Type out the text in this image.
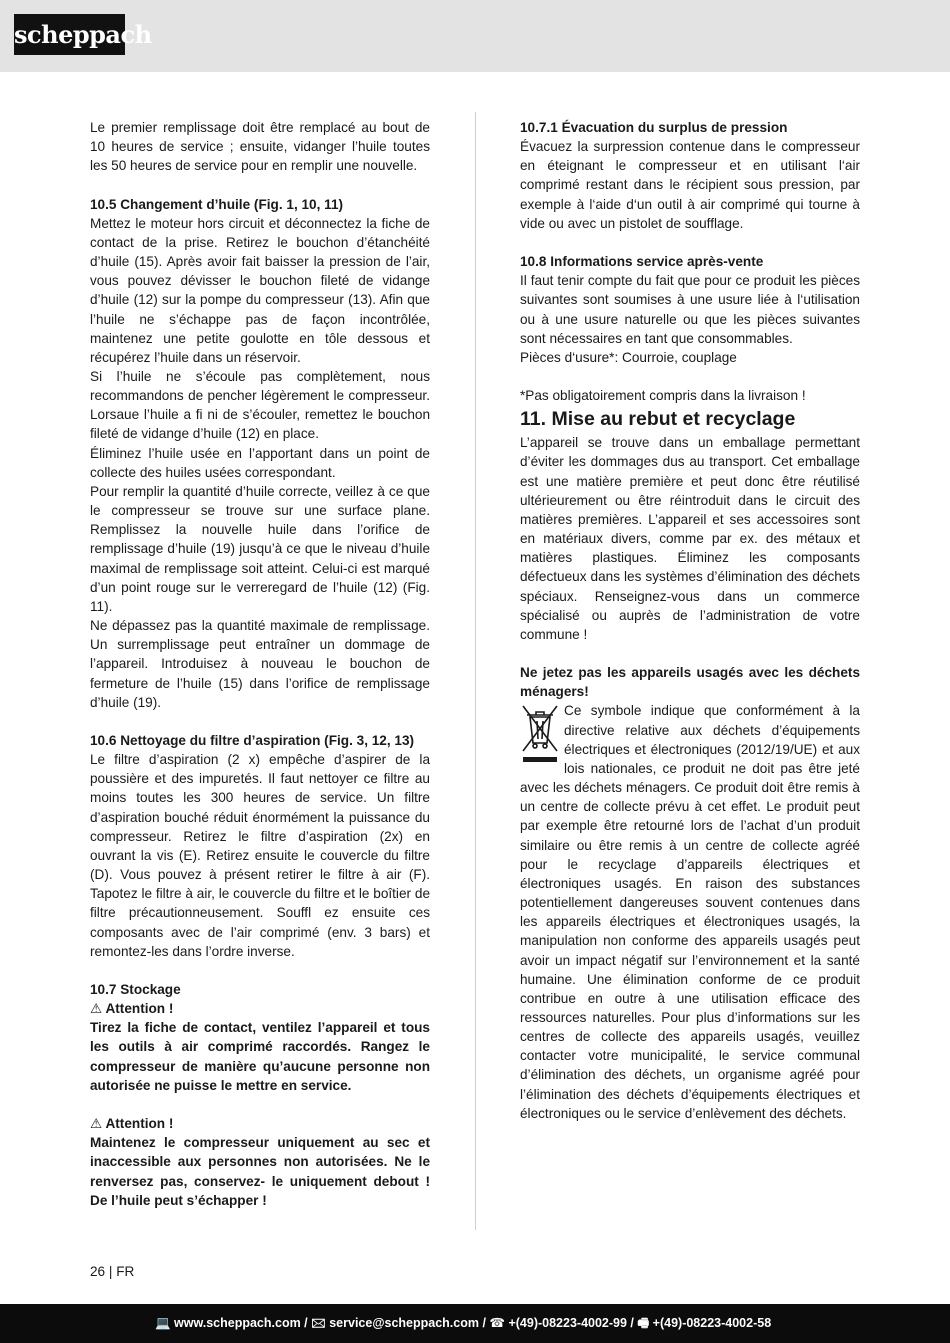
scheppach

Le premier remplissage doit être remplacé au bout de 10 heures de service ; ensuite, vidanger l’huile toutes les 50 heures de service pour en remplir une nouvelle.

10.5 Changement d’huile (Fig. 1, 10, 11)

Mettez le moteur hors circuit et déconnectez la fiche de contact de la prise. Retirez le bouchon d’étanchéité d’huile (15). Après avoir fait baisser la pression de l’air, vous pouvez dévisser le bouchon fileté de vidange d’huile (12) sur la pompe du compresseur (13). Afin que l’huile ne s’échappe pas de façon incontrôlée, maintenez une petite goulotte en tôle dessous et récupérez l’huile dans un réservoir.

Si l’huile ne s’écoule pas complètement, nous recommandons de pencher légèrement le compresseur. Lorsaue l’huile a fi ni de s’écouler, remettez le bouchon fileté de vidange d’huile (12) en place.

Éliminez l’huile usée en l’apportant dans un point de collecte des huiles usées correspondant.

Pour remplir la quantité d’huile correcte, veillez à ce que le compresseur se trouve sur une surface plane. Remplissez la nouvelle huile dans l’orifice de remplissage d’huile (19) jusqu’à ce que le niveau d’huile maximal de remplissage soit atteint. Celui-ci est marqué d’un point rouge sur le verreregard de l’huile (12) (Fig. 11).

Ne dépassez pas la quantité maximale de remplissage. Un surremplissage peut entraîner un dommage de l’appareil. Introduisez à nouveau le bouchon de fermeture de l’huile (15) dans l’orifice de remplissage d’huile (19).

10.6 Nettoyage du filtre d’aspiration (Fig. 3, 12, 13)

Le filtre d’aspiration (2 x) empêche d’aspirer de la poussière et des impuretés. Il faut nettoyer ce filtre au moins toutes les 300 heures de service. Un filtre d’aspiration bouché réduit énormément la puissance du compresseur. Retirez le filtre d’aspiration (2x) en ouvrant la vis (E). Retirez ensuite le couvercle du filtre (D). Vous pouvez à présent retirer le filtre à air (F). Tapotez le filtre à air, le couvercle du filtre et le boîtier de filtre précautionneusement. Souffl ez ensuite ces composants avec de l’air comprimé (env. 3 bars) et remontez-les dans l’ordre inverse.

10.7 Stockage

⚠ Attention !

Tirez la fiche de contact, ventilez l’appareil et tous les outils à air comprimé raccordés. Rangez le compresseur de manière qu’aucune personne non autorisée ne puisse le mettre en service.

⚠ Attention !

Maintenez le compresseur uniquement au sec et inaccessible aux personnes non autorisées. Ne le renversez pas, conservez- le uniquement debout ! De l’huile peut s’échapper !

10.7.1 Évacuation du surplus de pression

Évacuez la surpression contenue dans le compresseur en éteignant le compresseur et en utilisant l‘air comprimé restant dans le récipient sous pression, par exemple à l‘aide d‘un outil à air comprimé qui tourne à vide ou avec un pistolet de soufflage.

10.8 Informations service après-vente

Il faut tenir compte du fait que pour ce produit les pièces suivantes sont soumises à une usure liée à l‘utilisation ou à une usure naturelle ou que les pièces suivantes sont nécessaires en tant que consommables.

Pièces d‘usure*: Courroie, couplage

*Pas obligatoirement compris dans la livraison !

11. Mise au rebut et recyclage

L’appareil se trouve dans un emballage permettant d’éviter les dommages dus au transport. Cet emballage est une matière première et peut donc être réutilisé ultérieurement ou être réintroduit dans le circuit des matières premières. L’appareil et ses accessoires sont en matériaux divers, comme par ex. des métaux et matières plastiques. Éliminez les composants défectueux dans les systèmes d’élimination des déchets spéciaux. Renseignez-vous dans un commerce spécialisé ou auprès de l’administration de votre commune !

Ne jetez pas les appareils usagés avec les déchets ménagers!

Ce symbole indique que conformément à la directive relative aux déchets d’équipements électriques et électroniques (2012/19/UE) et aux lois nationales, ce produit ne doit pas être jeté avec les déchets ménagers. Ce produit doit être remis à un centre de collecte prévu à cet effet. Le produit peut par exemple être retourné lors de l’achat d’un produit similaire ou être remis à un centre de collecte agréé pour le recyclage d’appareils électriques et électroniques usagés. En raison des substances potentiellement dangereuses souvent contenues dans les appareils électriques et électroniques usagés, la manipulation non conforme des appareils usagés peut avoir un impact négatif sur l’environnement et la santé humaine. Une élimination conforme de ce produit contribue en outre à une utilisation efficace des ressources naturelles. Pour plus d’informations sur les centres de collecte des appareils usagés, veuillez contacter votre municipalité, le service communal d’élimination des déchets, un organisme agréé pour l’élimination des déchets d’équipements électriques et électroniques ou le service d’enlèvement des déchets.

26 | FR
💻 www.scheppach.com / 🖂 service@scheppach.com / ☎ +(49)-08223-4002-99 / 🖷 +(49)-08223-4002-58
